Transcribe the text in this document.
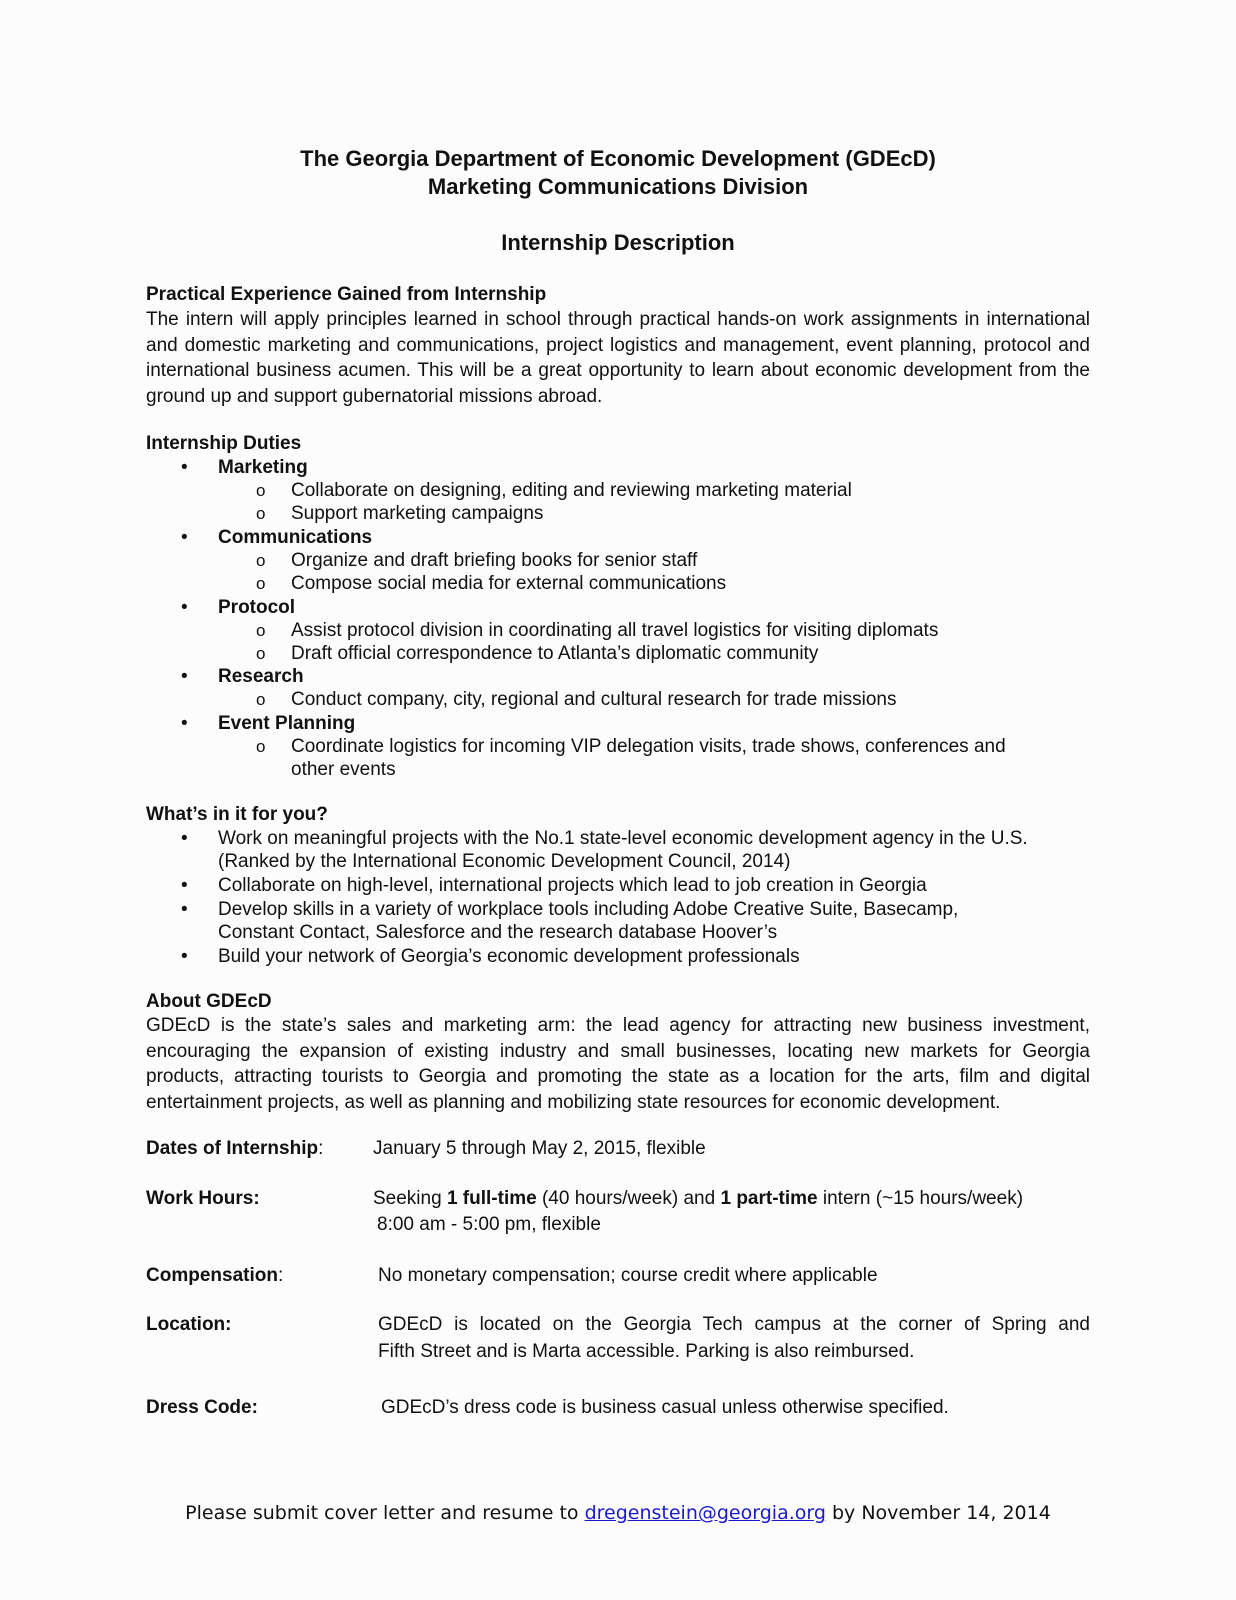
The Georgia Department of Economic Development (GDEcD)
Marketing Communications Division
Internship Description
Practical Experience Gained from Internship

The intern will apply principles learned in school through practical hands-on work assignments in international and domestic marketing and communications, project logistics and management, event planning, protocol and international business acumen. This will be a great opportunity to learn about economic development from the ground up and support gubernatorial missions abroad.

Internship Duties
• Marketing
o Collaborate on designing, editing and reviewing marketing material
o Support marketing campaigns
• Communications
o Organize and draft briefing books for senior staff
o Compose social media for external communications
• Protocol
o Assist protocol division in coordinating all travel logistics for visiting diplomats
o Draft official correspondence to Atlanta’s diplomatic community
• Research
o Conduct company, city, regional and cultural research for trade missions
• Event Planning
o Coordinate logistics for incoming VIP delegation visits, trade shows, conferences and
other events
What’s in it for you?
• Work on meaningful projects with the No.1 state-level economic development agency in the U.S.
(Ranked by the International Economic Development Council, 2014)
• Collaborate on high-level, international projects which lead to job creation in Georgia
• Develop skills in a variety of workplace tools including Adobe Creative Suite, Basecamp,
Constant Contact, Salesforce and the research database Hoover’s
• Build your network of Georgia’s economic development professionals
About GDEcD

GDEcD is the state’s sales and marketing arm: the lead agency for attracting new business investment, encouraging the expansion of existing industry and small businesses, locating new markets for Georgia products, attracting tourists to Georgia and promoting the state as a location for the arts, film and digital entertainment projects, as well as planning and mobilizing state resources for economic development.

Dates of Internship:	January 5 through May 2, 2015, flexible
Work Hours:	Seeking 1 full-time (40 hours/week) and 1 part-time intern (~15 hours/week)
8:00 am - 5:00 pm, flexible
Compensation:	No monetary compensation; course credit where applicable
Location:	GDEcD is located on the Georgia Tech campus at the corner of Spring and
Fifth Street and is Marta accessible. Parking is also reimbursed.
Dress Code:	GDEcD’s dress code is business casual unless otherwise specified.
Please submit cover letter and resume to dregenstein@georgia.org by November 14, 2014
